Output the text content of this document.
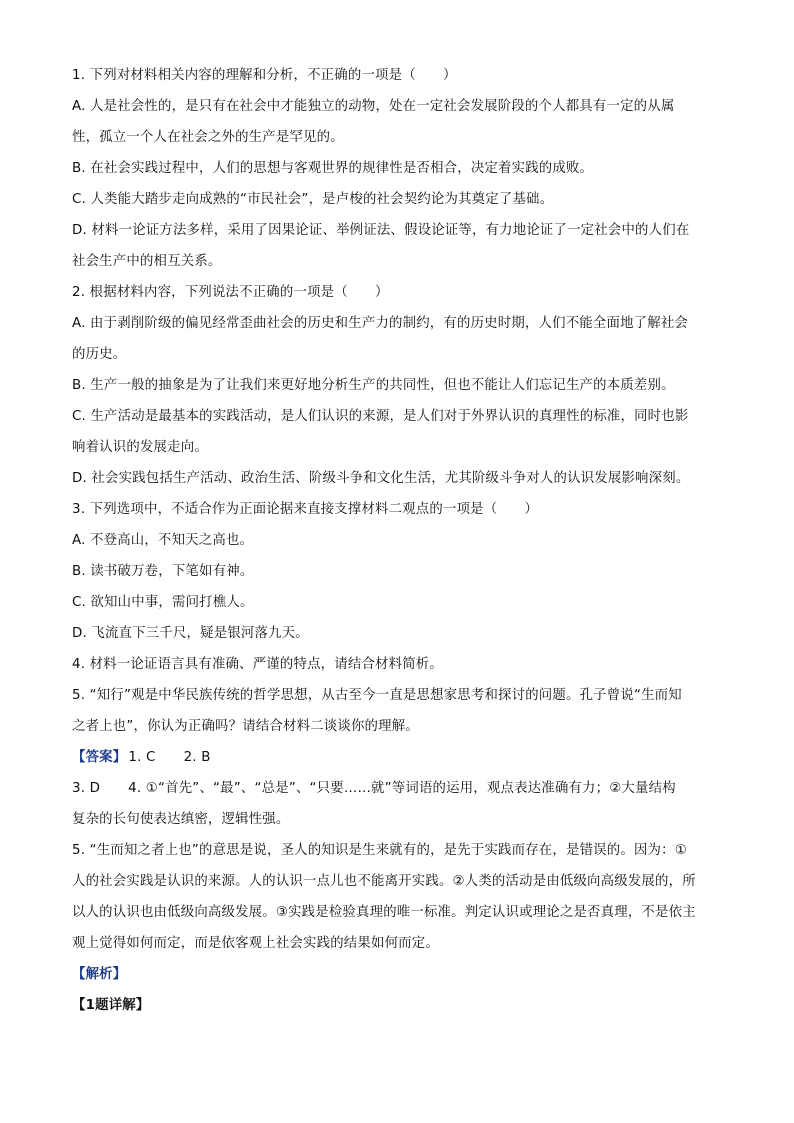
1. 下列对材料相关内容的理解和分析，不正确的一项是（　　）
A. 人是社会性的，是只有在社会中才能独立的动物，处在一定社会发展阶段的个人都具有一定的从属
性，孤立一个人在社会之外的生产是罕见的。
B. 在社会实践过程中，人们的思想与客观世界的规律性是否相合，决定着实践的成败。
C. 人类能大踏步走向成熟的“市民社会”，是卢梭的社会契约论为其奠定了基础。
D. 材料一论证方法多样，采用了因果论证、举例证法、假设论证等，有力地论证了一定社会中的人们在
社会生产中的相互关系。
2. 根据材料内容，下列说法不正确的一项是（　　）
A. 由于剥削阶级的偏见经常歪曲社会的历史和生产力的制约，有的历史时期，人们不能全面地了解社会
的历史。
B. 生产一般的抽象是为了让我们来更好地分析生产的共同性，但也不能让人们忘记生产的本质差别。
C. 生产活动是最基本的实践活动，是人们认识的来源，是人们对于外界认识的真理性的标准，同时也影
响着认识的发展走向。
D. 社会实践包括生产活动、政治生活、阶级斗争和文化生活，尤其阶级斗争对人的认识发展影响深刻。
3. 下列选项中，不适合作为正面论据来直接支撑材料二观点的一项是（　　）
A. 不登高山，不知天之高也。
B. 读书破万卷，下笔如有神。
C. 欲知山中事，需问打樵人。
D. 飞流直下三千尺，疑是银河落九天。
4. 材料一论证语言具有准确、严谨的特点，请结合材料简析。
5. “知行”观是中华民族传统的哲学思想，从古至今一直是思想家思考和探讨的问题。孔子曾说“生而知
之者上也”，你认为正确吗？请结合材料二谈谈你的理解。
【答案】 1. C 2. B
3. D 4. ①“首先”、“最”、“总是”、“只要……就”等词语的运用，观点表达准确有力；②大量结构
复杂的长句使表达缜密，逻辑性强。
5. “生而知之者上也”的意思是说，圣人的知识是生来就有的，是先于实践而存在，是错误的。因为：①
人的社会实践是认识的来源。人的认识一点儿也不能离开实践。②人类的活动是由低级向高级发展的，所
以人的认识也由低级向高级发展。③实践是检验真理的唯一标准。判定认识或理论之是否真理，不是依主
观上觉得如何而定，而是依客观上社会实践的结果如何而定。
【解析】
【1题详解】
